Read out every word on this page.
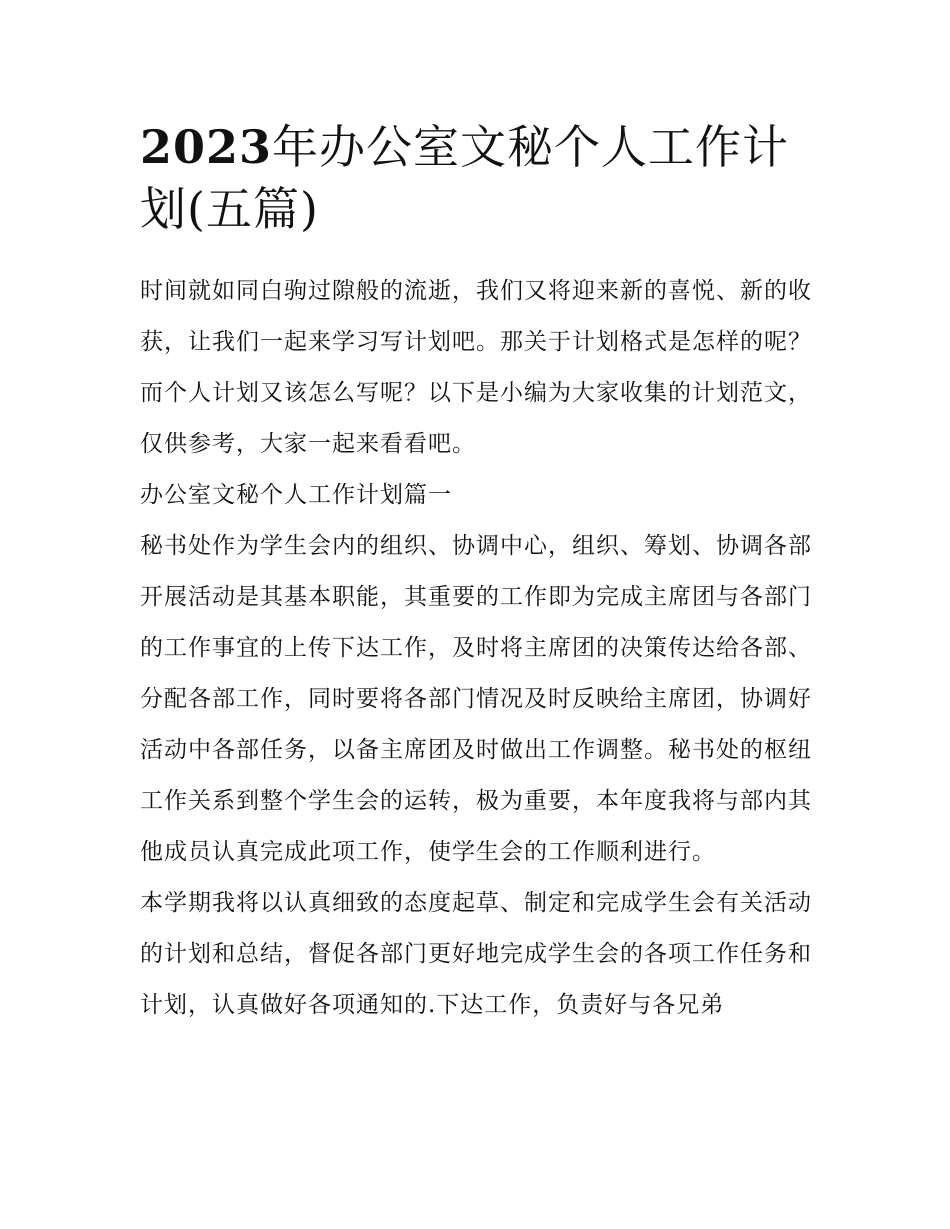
2023年办公室文秘个人工作计划(五篇)

时间就如同白驹过隙般的流逝，我们又将迎来新的喜悦、新的收获，让我们一起来学习写计划吧。那关于计划格式是怎样的呢？而个人计划又该怎么写呢？以下是小编为大家收集的计划范文，仅供参考，大家一起来看看吧。

办公室文秘个人工作计划篇一

秘书处作为学生会内的组织、协调中心，组织、筹划、协调各部开展活动是其基本职能，其重要的工作即为完成主席团与各部门的工作事宜的上传下达工作，及时将主席团的决策传达给各部、分配各部工作，同时要将各部门情况及时反映给主席团，协调好活动中各部任务，以备主席团及时做出工作调整。秘书处的枢纽工作关系到整个学生会的运转，极为重要，本年度我将与部内其他成员认真完成此项工作，使学生会的工作顺利进行。

本学期我将以认真细致的态度起草、制定和完成学生会有关活动的计划和总结，督促各部门更好地完成学生会的各项工作任务和计划，认真做好各项通知的.下达工作，负责好与各兄弟
